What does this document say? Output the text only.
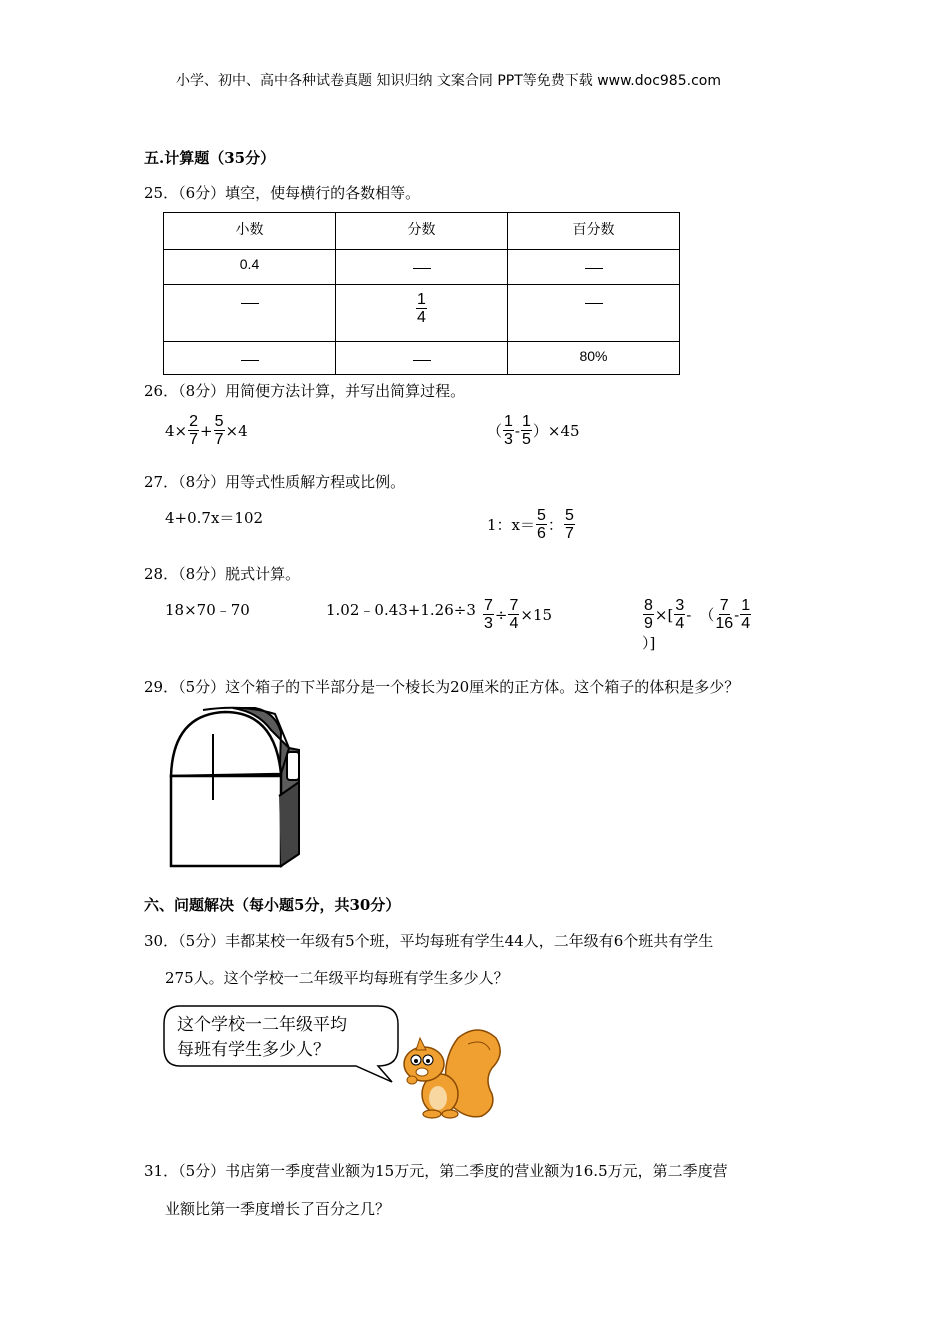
小学、初中、高中各种试卷真题 知识归纳 文案合同 PPT等免费下载 www.doc985.com
五.计算题（35分）
25．（6分）填空，使每横行的各数相等。
小数	分数	百分数
0.4		

	$\frac{1}{4}$

		80%
26．（8分）用简便方法计算，并写出简算过程。
$4\times \frac{2}{7} + \frac{5}{7} \times 4$	（ $\frac{1}{3} - \frac{1}{5} )\times 45$
27．（8分）用等式性质解方程或比例。
4+0.7x＝102	1：$x= \frac{5}{6}$ ： $\frac{5}{7}$
28．（8分）脱式计算。
18×70﹣70	1.02﹣0.43+1.26÷3 $\frac{7}{3} \div \frac{7}{4} \times 15$	$\frac{8}{9}$ ×[ $\frac{3}{4}$ - （ $\frac{7}{16} - \frac{1}{4}$
）]
29．（5分）这个箱子的下半部分是一个棱长为20厘米的正方体。这个箱子的体积是多少？
六、问题解决（每小题5分，共30分）
30．（5分）丰都某校一年级有5个班，平均每班有学生44人，二年级有6个班共有学生
275人。这个学校一二年级平均每班有学生多少人？
这个学校一二年级平均
每班有学生多少人？
31．（5分）书店第一季度营业额为15万元，第二季度的营业额为16.5万元，第二季度营
业额比第一季度增长了百分之几？
